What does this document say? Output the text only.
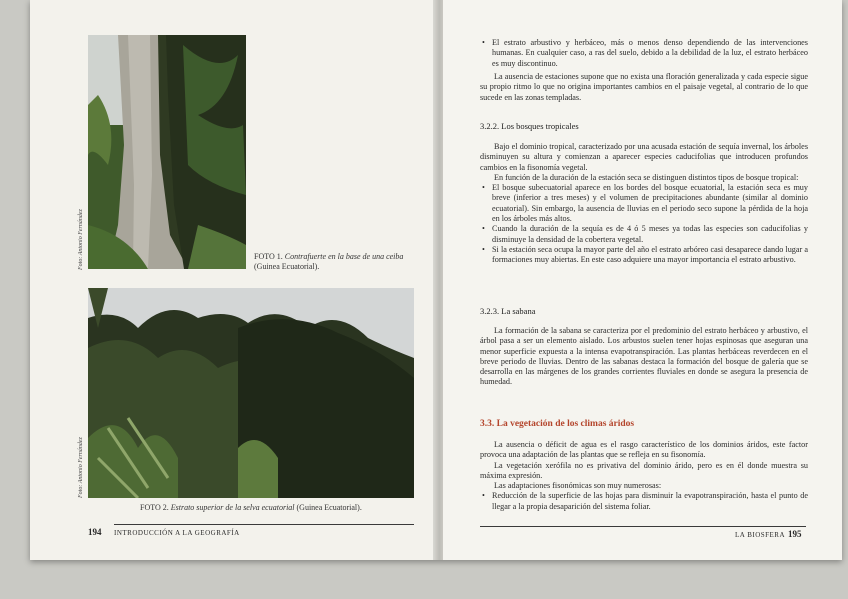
Foto: Antonio Fernández	FOTO 1. Contrafuerte en la base de una ceiba
(Guinea Ecuatorial).
Foto: Antonio Fernández
FOTO 2. Estrato superior de la selva ecuatorial (Guinea Ecuatorial).
194 INTRODUCCIÓN A LA GEOGRAFÍA
• El estrato arbustivo y herbáceo, más o menos denso dependiendo de las intervenciones humanas. En cualquier caso, a ras del suelo, debido a la debilidad de la luz, el estrato herbáceo es muy discontinuo.

La ausencia de estaciones supone que no exista una floración generalizada y cada especie sigue su propio ritmo lo que no origina importantes cambios en el paisaje vegetal, al contrario de lo que sucede en las zonas templadas.

3.2.2. Los bosques tropicales

Bajo el dominio tropical, caracterizado por una acusada estación de sequía invernal, los árboles disminuyen su altura y comienzan a aparecer especies caducifolias que introducen profundos cambios en la fisonomía vegetal.

En función de la duración de la estación seca se distinguen distintos tipos de bosque tropical:

• El bosque subecuatorial aparece en los bordes del bosque ecuatorial, la estación seca es muy breve (inferior a tres meses) y el volumen de precipitaciones abundante (similar al dominio ecuatorial). Sin embargo, la ausencia de lluvias en el periodo seco supone la pérdida de la hoja en los árboles más altos.
• Cuando la duración de la sequía es de 4 ó 5 meses ya todas las especies son caducifolias y disminuye la densidad de la cobertera vegetal.
• Si la estación seca ocupa la mayor parte del año el estrato arbóreo casi desaparece dando lugar a formaciones muy abiertas. En este caso adquiere una mayor importancia el estrato arbustivo.
3.2.3. La sabana

La formación de la sabana se caracteriza por el predominio del estrato herbáceo y arbustivo, el árbol pasa a ser un elemento aislado. Los arbustos suelen tener hojas espinosas que aseguran una menor superficie expuesta a la intensa evapotranspiración. Las plantas herbáceas reverdecen en el breve periodo de lluvias. Dentro de las sabanas destaca la formación del bosque de galería que se desarrolla en las márgenes de los grandes corrientes fluviales en donde se asegura la presencia de humedad.

3.3. La vegetación de los climas áridos

La ausencia o déficit de agua es el rasgo característico de los dominios áridos, este factor provoca una adaptación de las plantas que se refleja en su fisonomía.

La vegetación xerófila no es privativa del dominio árido, pero es en él donde muestra su máxima expresión.

Las adaptaciones fisonómicas son muy numerosas:

• Reducción de la superficie de las hojas para disminuir la evapotranspiración, hasta el punto de llegar a la propia desaparición del sistema foliar.
LA BIOSFERA 195
